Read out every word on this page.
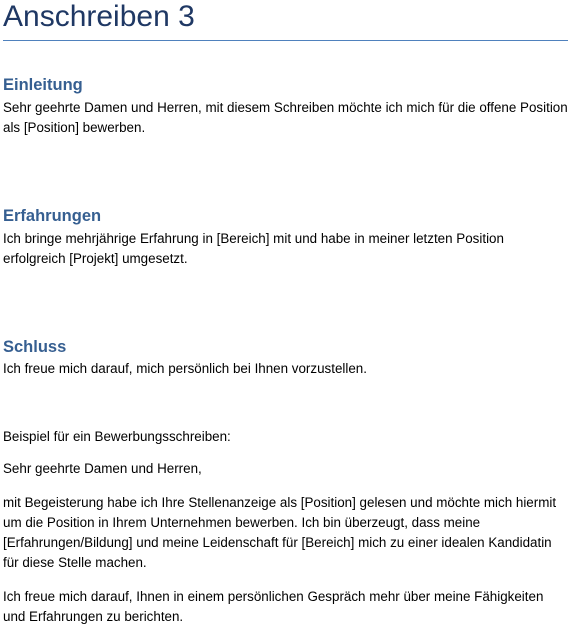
Anschreiben 3
Einleitung

Sehr geehrte Damen und Herren, mit diesem Schreiben möchte ich mich für die offene Position als [Position] bewerben.

Erfahrungen

Ich bringe mehrjährige Erfahrung in [Bereich] mit und habe in meiner letzten Position erfolgreich [Projekt] umgesetzt.

Schluss

Ich freue mich darauf, mich persönlich bei Ihnen vorzustellen.

Beispiel für ein Bewerbungsschreiben:

Sehr geehrte Damen und Herren,

mit Begeisterung habe ich Ihre Stellenanzeige als [Position] gelesen und möchte mich hiermit um die Position in Ihrem Unternehmen bewerben. Ich bin überzeugt, dass meine [Erfahrungen/Bildung] und meine Leidenschaft für [Bereich] mich zu einer idealen Kandidatin für diese Stelle machen.

Ich freue mich darauf, Ihnen in einem persönlichen Gespräch mehr über meine Fähigkeiten und Erfahrungen zu berichten.
